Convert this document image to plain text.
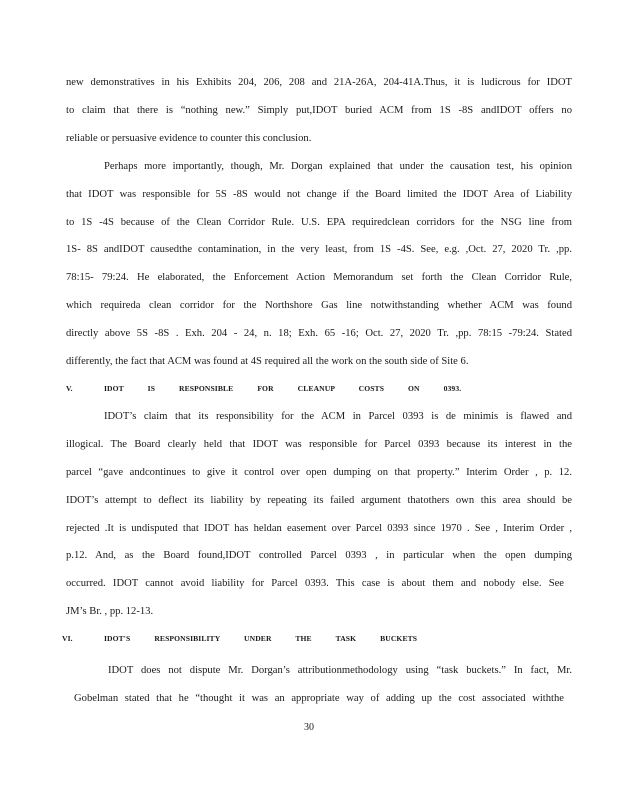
new demonstratives in his Exhibits 204, 206, 208 and 21A-26A, 204-41A.Thus, it is ludicrous for IDOT
to claim that there is “nothing new.” Simply put,IDOT buried ACM from 1S -8S andIDOT offers no
reliable or persuasive evidence to counter this conclusion.
Perhaps more importantly, though, Mr. Dorgan explained that under the causation test, his opinion
that IDOT was responsible for 5S -8S would not change if the Board limited the IDOT Area of Liability
to 1S -4S because of the Clean Corridor Rule. U.S. EPA requiredclean corridors for the NSG line from
1S- 8S andIDOT causedthe contamination, in the very least, from 1S -4S. See, e.g. ,Oct. 27, 2020 Tr. ,pp.
78:15- 79:24. He elaborated, the Enforcement Action Memorandum set forth the Clean Corridor Rule,
which requireda clean corridor for the Northshore Gas line notwithstanding whether ACM was found
directly above 5S -8S . Exh. 204 - 24, n. 18; Exh. 65 -16; Oct. 27, 2020 Tr. ,pp. 78:15 -79:24. Stated
differently, the fact that ACM was found at 4S required all the work on the south side of Site 6.
V.	IDOT IS RESPONSIBLE FOR CLEANUP COSTS ON 0393.
IDOT’s claim that its responsibility for the ACM in Parcel 0393 is de minimis is flawed and
illogical. The Board clearly held that IDOT was responsible for Parcel 0393 because its interest in the
parcel “gave andcontinues to give it control over open dumping on that property.” Interim Order , p. 12.
IDOT’s attempt to deflect its liability by repeating its failed argument thatothers own this area should be
rejected .It is undisputed that IDOT has heldan easement over Parcel 0393 since 1970 . See , Interim Order ,
p.12. And, as the Board found,IDOT controlled Parcel 0393 , in particular when the open dumping
occurred. IDOT cannot avoid liability for Parcel 0393. This case is about them and nobody else. See
JM’s Br. , pp. 12-13.
VI.	IDOT'S RESPONSIBILITY UNDER THE TASK BUCKETS
IDOT does not dispute Mr. Dorgan’s attributionmethodology using “task buckets.” In fact, Mr.
Gobelman stated that he “thought it was an appropriate way of adding up the cost associated withthe
30
